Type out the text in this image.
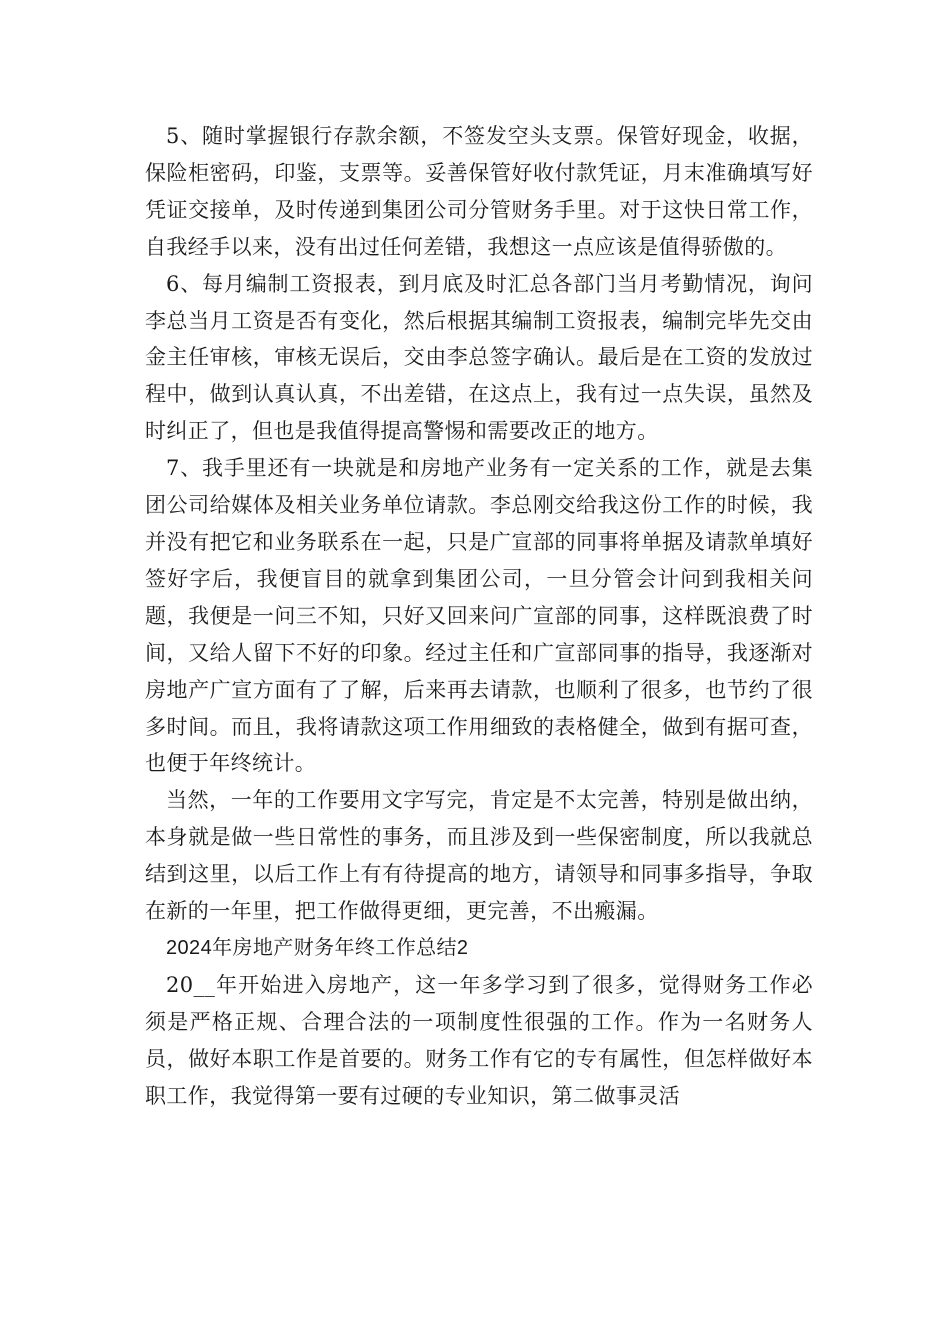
5、随时掌握银行存款余额，不签发空头支票。保管好现金，收据，保险柜密码，印鉴，支票等。妥善保管好收付款凭证，月末准确填写好凭证交接单，及时传递到集团公司分管财务手里。对于这快日常工作，自我经手以来，没有出过任何差错，我想这一点应该是值得骄傲的。

6、每月编制工资报表，到月底及时汇总各部门当月考勤情况，询问李总当月工资是否有变化，然后根据其编制工资报表，编制完毕先交由金主任审核，审核无误后，交由李总签字确认。最后是在工资的发放过程中，做到认真认真，不出差错，在这点上，我有过一点失误，虽然及时纠正了，但也是我值得提高警惕和需要改正的地方。

7、我手里还有一块就是和房地产业务有一定关系的工作，就是去集团公司给媒体及相关业务单位请款。李总刚交给我这份工作的时候，我并没有把它和业务联系在一起，只是广宣部的同事将单据及请款单填好签好字后，我便盲目的就拿到集团公司，一旦分管会计问到我相关问题，我便是一问三不知，只好又回来问广宣部的同事，这样既浪费了时间，又给人留下不好的印象。经过主任和广宣部同事的指导，我逐渐对房地产广宣方面有了了解，后来再去请款，也顺利了很多，也节约了很多时间。而且，我将请款这项工作用细致的表格健全，做到有据可查，也便于年终统计。

当然，一年的工作要用文字写完，肯定是不太完善，特别是做出纳，本身就是做一些日常性的事务，而且涉及到一些保密制度，所以我就总结到这里，以后工作上有有待提高的地方，请领导和同事多指导，争取在新的一年里，把工作做得更细，更完善，不出瘢漏。

2024年房地产财务年终工作总结2

20__年开始进入房地产，这一年多学习到了很多，觉得财务工作必须是严格正规、合理合法的一项制度性很强的工作。作为一名财务人员，做好本职工作是首要的。财务工作有它的专有属性，但怎样做好本职工作，我觉得第一要有过硬的专业知识，第二做事灵活
